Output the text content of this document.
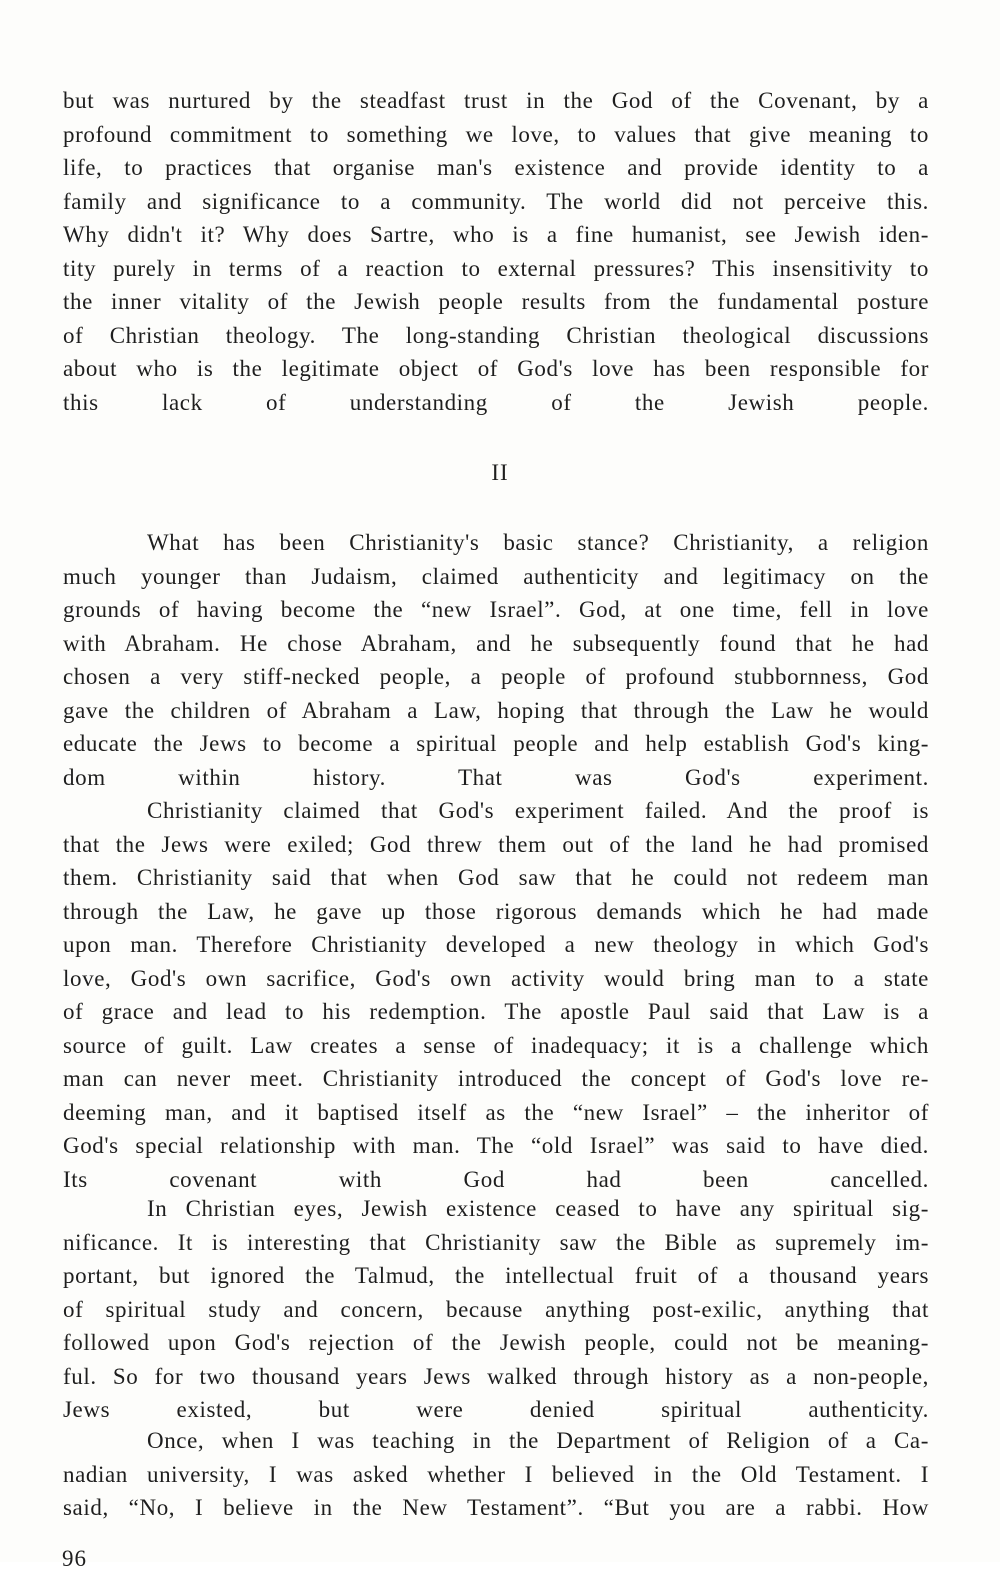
but was nurtured by the steadfast trust in the God of the Covenant, by a
profound commitment to something we love, to values that give meaning to
life, to practices that organise man's existence and provide identity to a
family and significance to a community. The world did not perceive this.
Why didn't it? Why does Sartre, who is a fine humanist, see Jewish iden-
tity purely in terms of a reaction to external pressures? This insensitivity to
the inner vitality of the Jewish people results from the fundamental posture
of Christian theology. The long-standing Christian theological discussions
about who is the legitimate object of God's love has been responsible for
this lack of understanding of the Jewish people.

II

What has been Christianity's basic stance? Christianity, a religion
much younger than Judaism, claimed authenticity and legitimacy on the
grounds of having become the “new Israel”. God, at one time, fell in love
with Abraham. He chose Abraham, and he subsequently found that he had
chosen a very stiff-necked people, a people of profound stubbornness, God
gave the children of Abraham a Law, hoping that through the Law he would
educate the Jews to become a spiritual people and help establish God's king-
dom within history. That was God's experiment.

Christianity claimed that God's experiment failed. And the proof is
that the Jews were exiled; God threw them out of the land he had promised
them. Christianity said that when God saw that he could not redeem man
through the Law, he gave up those rigorous demands which he had made
upon man. Therefore Christianity developed a new theology in which God's
love, God's own sacrifice, God's own activity would bring man to a state
of grace and lead to his redemption. The apostle Paul said that Law is a
source of guilt. Law creates a sense of inadequacy; it is a challenge which
man can never meet. Christianity introduced the concept of God's love re-
deeming man, and it baptised itself as the “new Israel” – the inheritor of
God's special relationship with man. The “old Israel” was said to have died.
Its covenant with God had been cancelled.

In Christian eyes, Jewish existence ceased to have any spiritual sig-
nificance. It is interesting that Christianity saw the Bible as supremely im-
portant, but ignored the Talmud, the intellectual fruit of a thousand years
of spiritual study and concern, because anything post-exilic, anything that
followed upon God's rejection of the Jewish people, could not be meaning-
ful. So for two thousand years Jews walked through history as a non-people,
Jews existed, but were denied spiritual authenticity.

Once, when I was teaching in the Department of Religion of a Ca-
nadian university, I was asked whether I believed in the Old Testament. I
said, “No, I believe in the New Testament”. “But you are a rabbi. How

96
